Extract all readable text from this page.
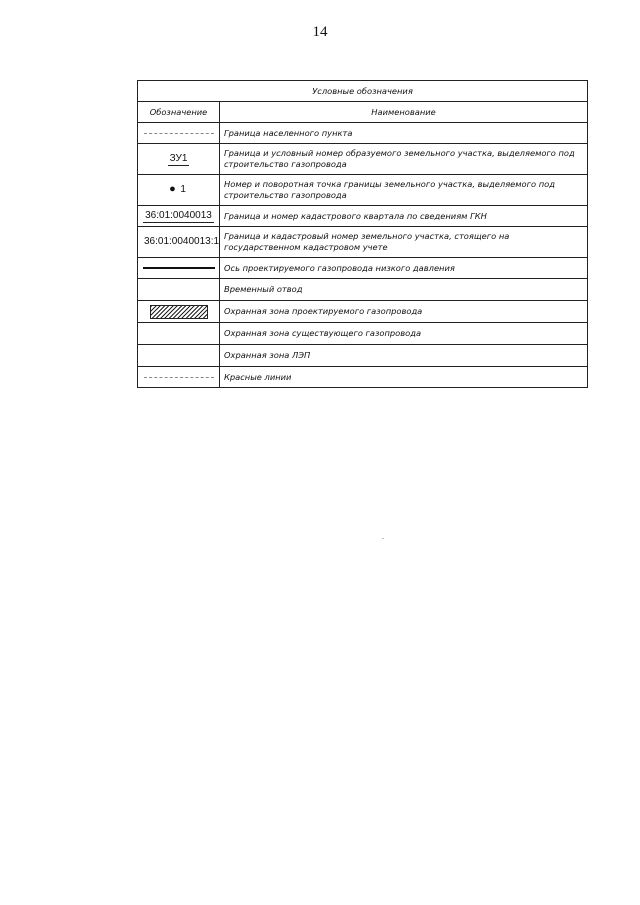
14
Условные обозначения	
Обозначение	Наименование

	Граница населенного пункта
ЗУ1	Граница и условный номер образуемого земельного участка, выделяемого под строительство газопровода
● 1	Номер и поворотная точка границы земельного участка, выделяемого под строительство газопровода
36:01:0040013	Граница и номер кадастрового квартала по сведениям ГКН
36:01:0040013:1	Граница и кадастровый номер земельного участка, стоящего на государственном кадастровом учете

	Ось проектируемого газопровода низкого давления
	Временный отвод

	Охранная зона проектируемого газопровода
	Охранная зона существующего газопровода
	Охранная зона ЛЭП

	Красные линии
